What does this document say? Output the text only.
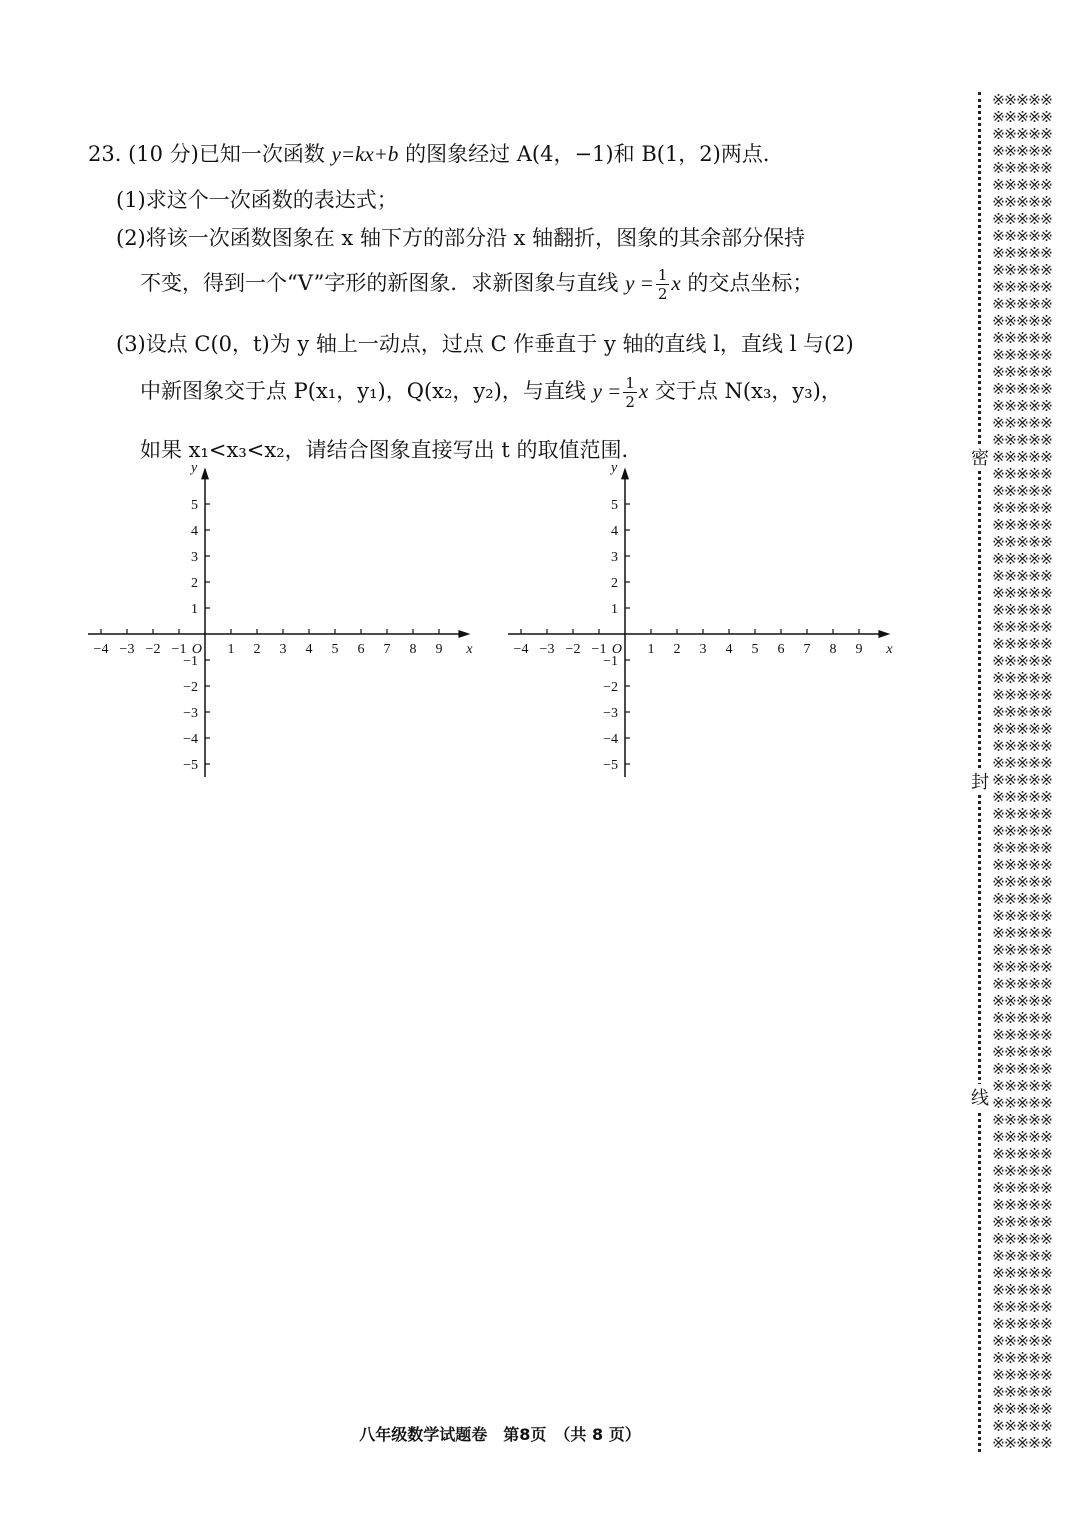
23. (10 分)已知一次函数 y=kx+b 的图象经过 A(4，−1)和 B(1，2)两点．
(1)求这个一次函数的表达式；
(2)将该一次函数图象在 x 轴下方的部分沿 x 轴翻折，图象的其余部分保持
不变，得到一个“V”字形的新图象．求新图象与直线 $y = \frac{1}{2}$ x 的交点坐标；
(3)设点 C(0，t)为 y 轴上一动点，过点 C 作垂直于 y 轴的直线 l，直线 l 与(2)
中新图象交于点 P(x₁，y₁)，Q(x₂，y₂)，与直线 $y = \frac{1}{2}$ x 交于点 N(x₃，y₃)，
如果 x₁<x₃<x₂，请结合图象直接写出 t 的取值范围．
−4 −3 −2 −1	1 2 3 4 5 6 7 8 9
5
4
3
2
1
−1
−2
−3
−4
−5
O	x
y
−4 −3 −2 −1	1 2 3 4 5 6 7 8 9
5
4
3
2
1
−1
−2
−3
−4
−5
O	x
y
八年级数学试题卷　第8页　（共 8 页）
※※※※※
※※※※※
※※※※※
※※※※※
※※※※※
※※※※※
※※※※※
※※※※※
※※※※※
※※※※※
※※※※※
※※※※※
※※※※※
※※※※※
※※※※※
※※※※※
※※※※※
※※※※※
※※※※※
※※※※※
※※※※※
※※※※※
※※※※※
※※※※※
※※※※※
※※※※※
※※※※※
※※※※※
※※※※※
※※※※※
※※※※※
※※※※※
※※※※※
※※※※※
※※※※※
※※※※※
※※※※※
※※※※※
※※※※※
※※※※※
※※※※※
※※※※※
※※※※※
※※※※※
※※※※※
※※※※※
※※※※※
※※※※※
※※※※※
※※※※※
※※※※※
※※※※※
※※※※※
※※※※※
※※※※※
※※※※※
※※※※※
※※※※※
※※※※※
※※※※※
※※※※※
※※※※※
※※※※※
※※※※※
※※※※※
※※※※※
※※※※※
※※※※※
※※※※※
※※※※※
※※※※※
※※※※※
※※※※※
※※※※※
※※※※※
※※※※※
※※※※※
※※※※※
※※※※※
※※※※※

密
封
线
